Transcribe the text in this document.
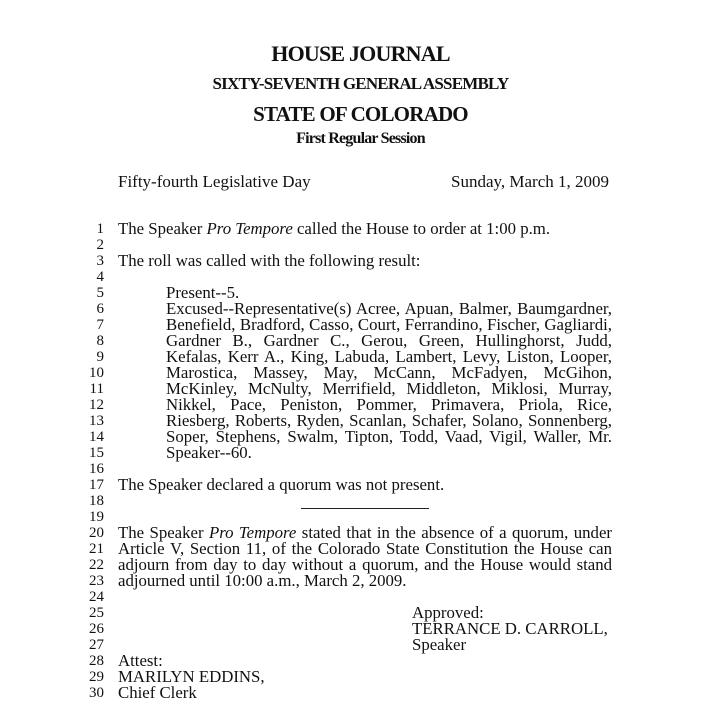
HOUSE JOURNAL
SIXTY-SEVENTH GENERAL ASSEMBLY
STATE OF COLORADO
First Regular Session
Fifty-fourth Legislative Day	Sunday, March 1, 2009
1
2
3
4
5
6
7
8
9
10
11
12
13
14
15
16
17
18
19
20
21
22
23
24
25
26
27
28
29
30
The Speaker Pro Tempore called the House to order at 1:00 p.m.
The roll was called with the following result:
Present--5.
Excused--Representative(s) Acree, Apuan, Balmer, Baumgardner,
Benefield, Bradford, Casso, Court, Ferrandino, Fischer, Gagliardi,
Gardner B., Gardner C., Gerou, Green, Hullinghorst, Judd,
Kefalas, Kerr A., King, Labuda, Lambert, Levy, Liston, Looper,
Marostica, Massey, May, McCann, McFadyen, McGihon,
McKinley, McNulty, Merrifield, Middleton, Miklosi, Murray,
Nikkel, Pace, Peniston, Pommer, Primavera, Priola, Rice,
Riesberg, Roberts, Ryden, Scanlan, Schafer, Solano, Sonnenberg,
Soper, Stephens, Swalm, Tipton, Todd, Vaad, Vigil, Waller, Mr.
Speaker--60.
The Speaker declared a quorum was not present.
The Speaker Pro Tempore stated that in the absence of a quorum, under
Article V, Section 11, of the Colorado State Constitution the House can
adjourn from day to day without a quorum, and the House would stand
adjourned until 10:00 a.m., March 2, 2009.
Approved:
TERRANCE D. CARROLL,
Speaker
Attest:
MARILYN EDDINS,
Chief Clerk
